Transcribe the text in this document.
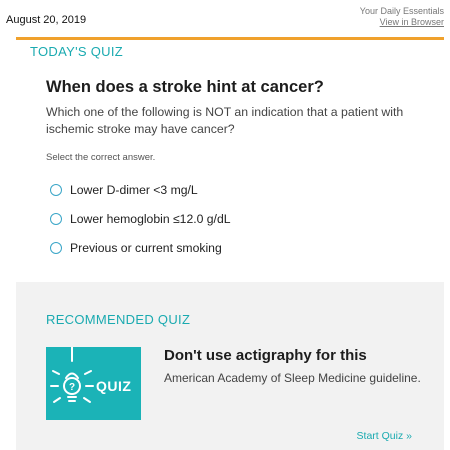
August 20, 2019
Your Daily Essentials
View in Browser
TODAY'S QUIZ
When does a stroke hint at cancer?
Which one of the following is NOT an indication that a patient with ischemic stroke may have cancer?
Select the correct answer.
Lower D-dimer <3 mg/L
Lower hemoglobin ≤12.0 g/dL
Previous or current smoking
RECOMMENDED QUIZ
? QUIZ
Don't use actigraphy for this
American Academy of Sleep Medicine guideline.
Start Quiz »
